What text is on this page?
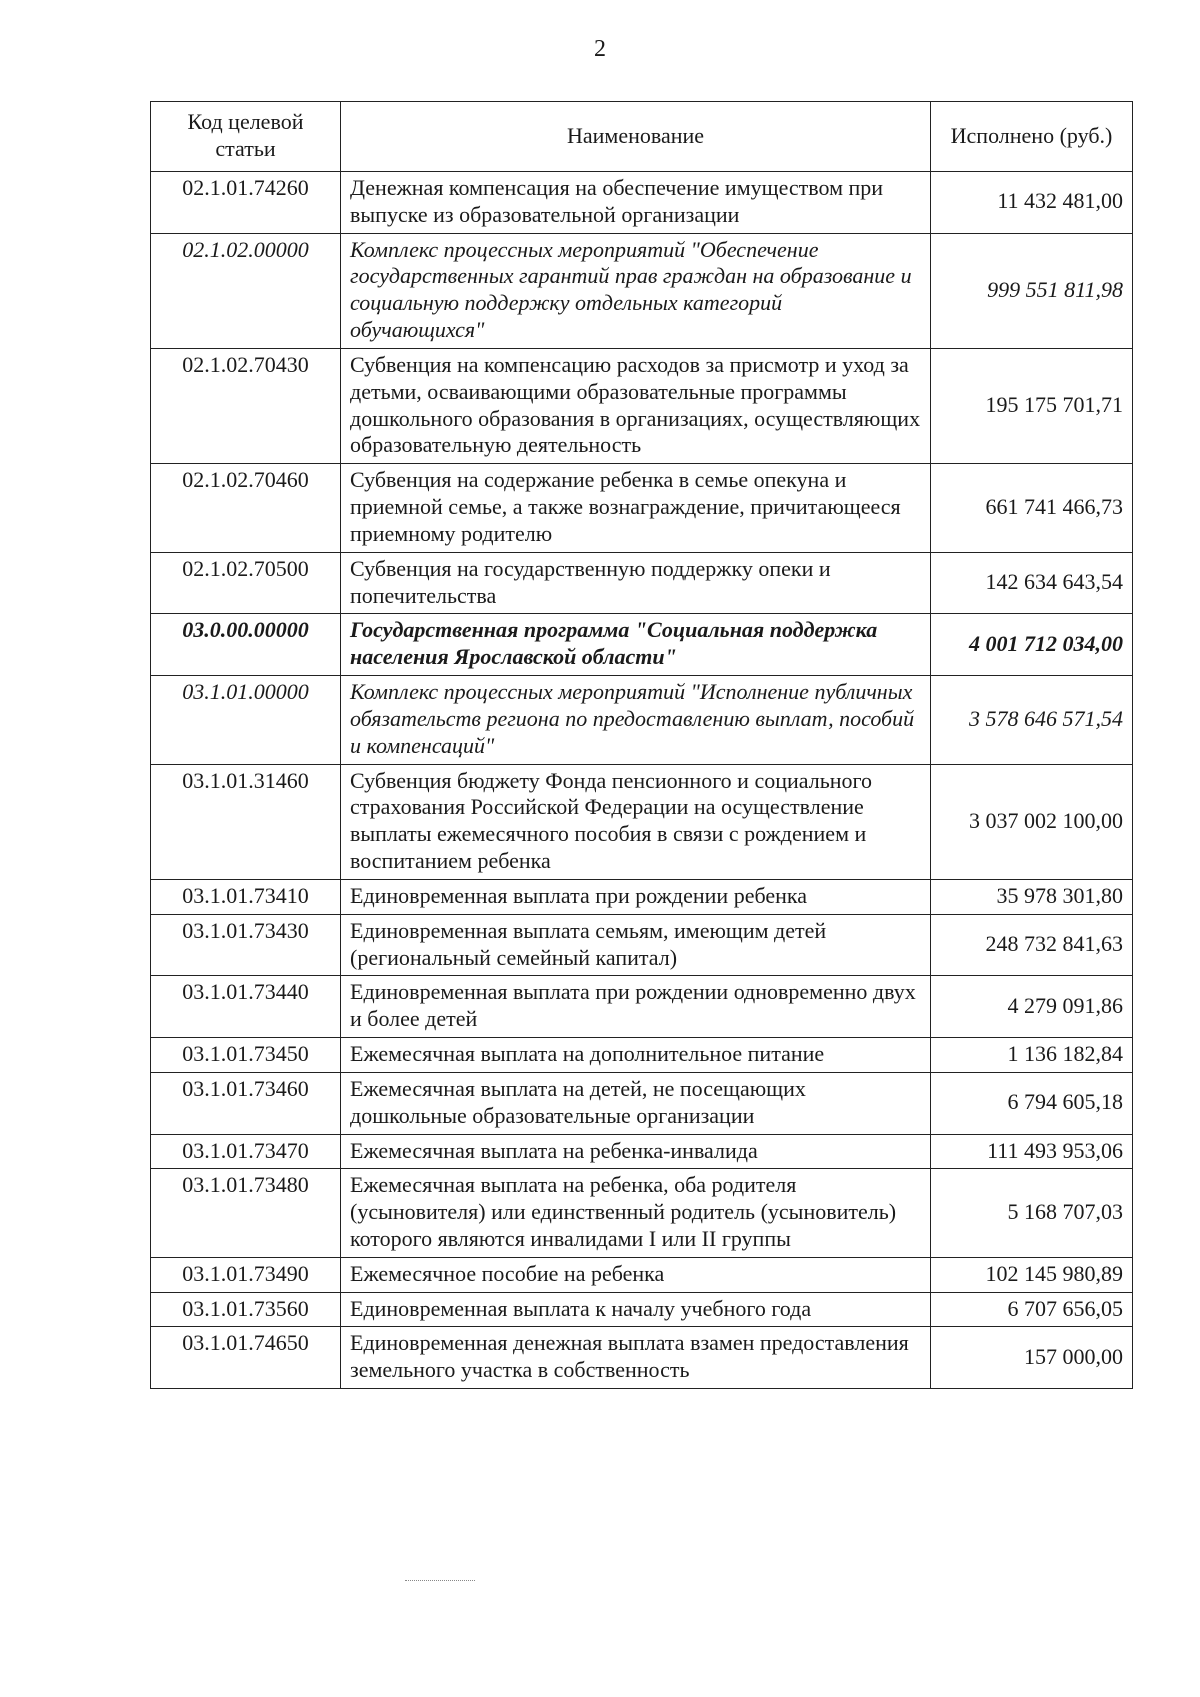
2
Код целевой статьи	Наименование	Исполнено (руб.)
02.1.01.74260	Денежная компенсация на обеспечение имуществом при выпуске из образовательной организации	11 432 481,00
02.1.02.00000	Комплекс процессных мероприятий "Обеспечение государственных гарантий прав граждан на образование и социальную поддержку отдельных категорий обучающихся"	999 551 811,98
02.1.02.70430	Субвенция на компенсацию расходов за присмотр и уход за детьми, осваивающими образовательные программы дошкольного образования в организациях, осуществляющих образовательную деятельность	195 175 701,71
02.1.02.70460	Субвенция на содержание ребенка в семье опекуна и приемной семье, а также вознаграждение, причитающееся приемному родителю	661 741 466,73
02.1.02.70500	Субвенция на государственную поддержку опеки и попечительства	142 634 643,54
03.0.00.00000	Государственная программа "Социальная поддержка населения Ярославской области"	4 001 712 034,00
03.1.01.00000	Комплекс процессных мероприятий "Исполнение публичных обязательств региона по предоставлению выплат, пособий и компенсаций"	3 578 646 571,54
03.1.01.31460	Субвенция бюджету Фонда пенсионного и социального страхования Российской Федерации на осуществление выплаты ежемесячного пособия в связи с рождением и воспитанием ребенка	3 037 002 100,00
03.1.01.73410	Единовременная выплата при рождении ребенка	35 978 301,80
03.1.01.73430	Единовременная выплата семьям, имеющим детей (региональный семейный капитал)	248 732 841,63
03.1.01.73440	Единовременная выплата при рождении одновременно двух и более детей	4 279 091,86
03.1.01.73450	Ежемесячная выплата на дополнительное питание	1 136 182,84
03.1.01.73460	Ежемесячная выплата на детей, не посещающих дошкольные образовательные организации	6 794 605,18
03.1.01.73470	Ежемесячная выплата на ребенка-инвалида	111 493 953,06
03.1.01.73480	Ежемесячная выплата на ребенка, оба родителя (усыновителя) или единственный родитель (усыновитель) которого являются инвалидами I или II группы	5 168 707,03
03.1.01.73490	Ежемесячное пособие на ребенка	102 145 980,89
03.1.01.73560	Единовременная выплата к началу учебного года	6 707 656,05
03.1.01.74650	Единовременная денежная выплата взамен предоставления земельного участка в собственность	157 000,00
